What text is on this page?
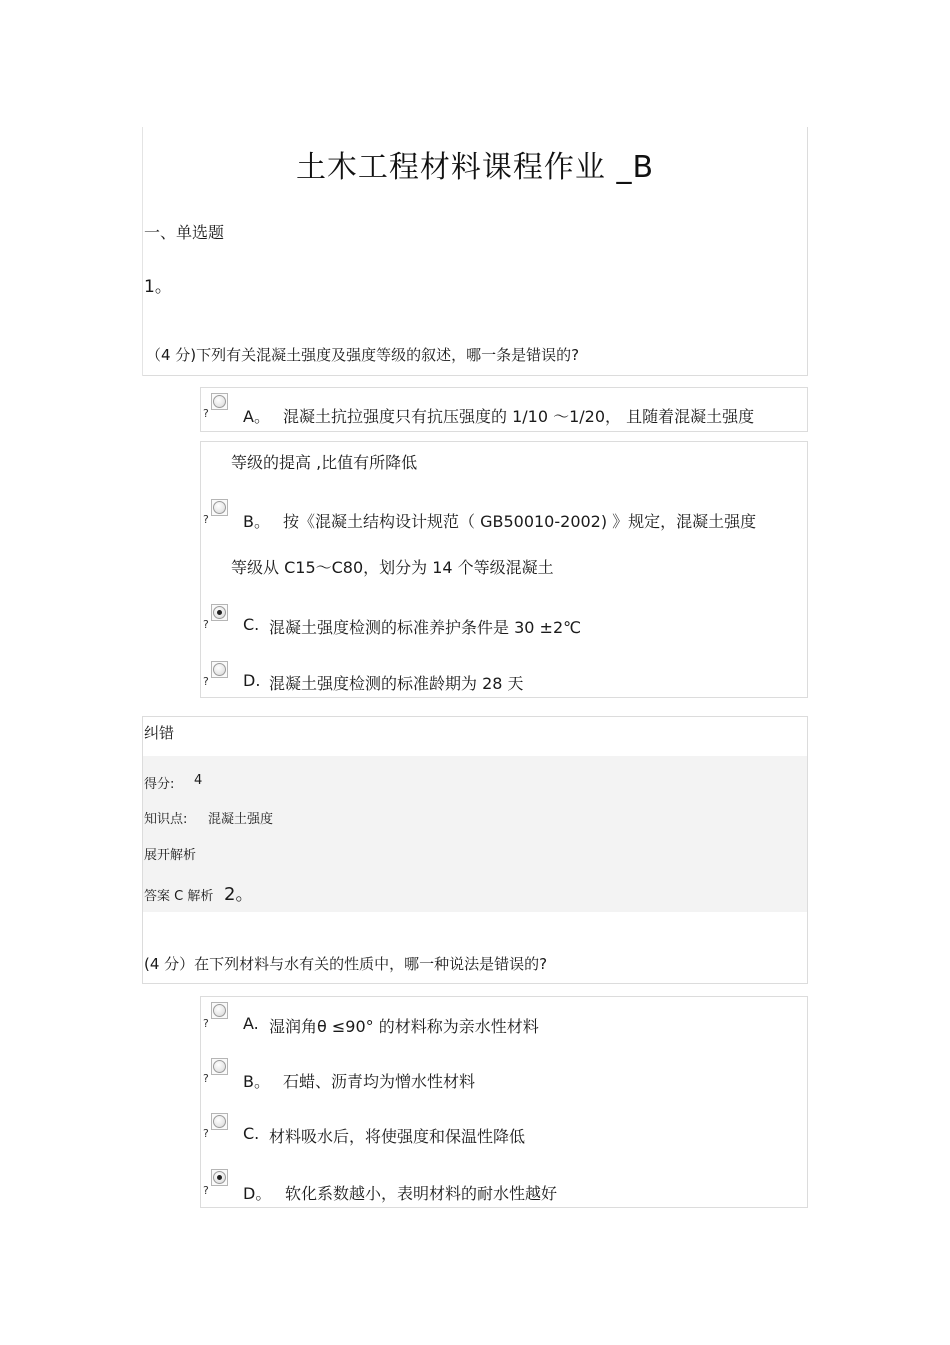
土木工程材料课程作业 _B
一、单选题
1。
（4 分)下列有关混凝土强度及强度等级的叙述，哪一条是错误的?
? A。 混凝土抗拉强度只有抗压强度的 1/10 ～1/20， 且随着混凝土强度
等级的提高 ,比值有所降低
? B。 按《混凝土结构设计规范（ GB50010-2002) 》规定，混凝土强度
等级从 C15～C80，划分为 14 个等级混凝土
? C. 混凝土强度检测的标准养护条件是 30 ±2℃
? D. 混凝土强度检测的标准龄期为 28 天
纠错
得分: 4
知识点: 混凝土强度
展开解析
答案 C 解析 2。
(4 分）在下列材料与水有关的性质中，哪一种说法是错误的?
? A. 湿润角θ ≤90° 的材料称为亲水性材料
? B。 石蜡、沥青均为憎水性材料
? C. 材料吸水后，将使强度和保温性降低
? D。 软化系数越小，表明材料的耐水性越好
